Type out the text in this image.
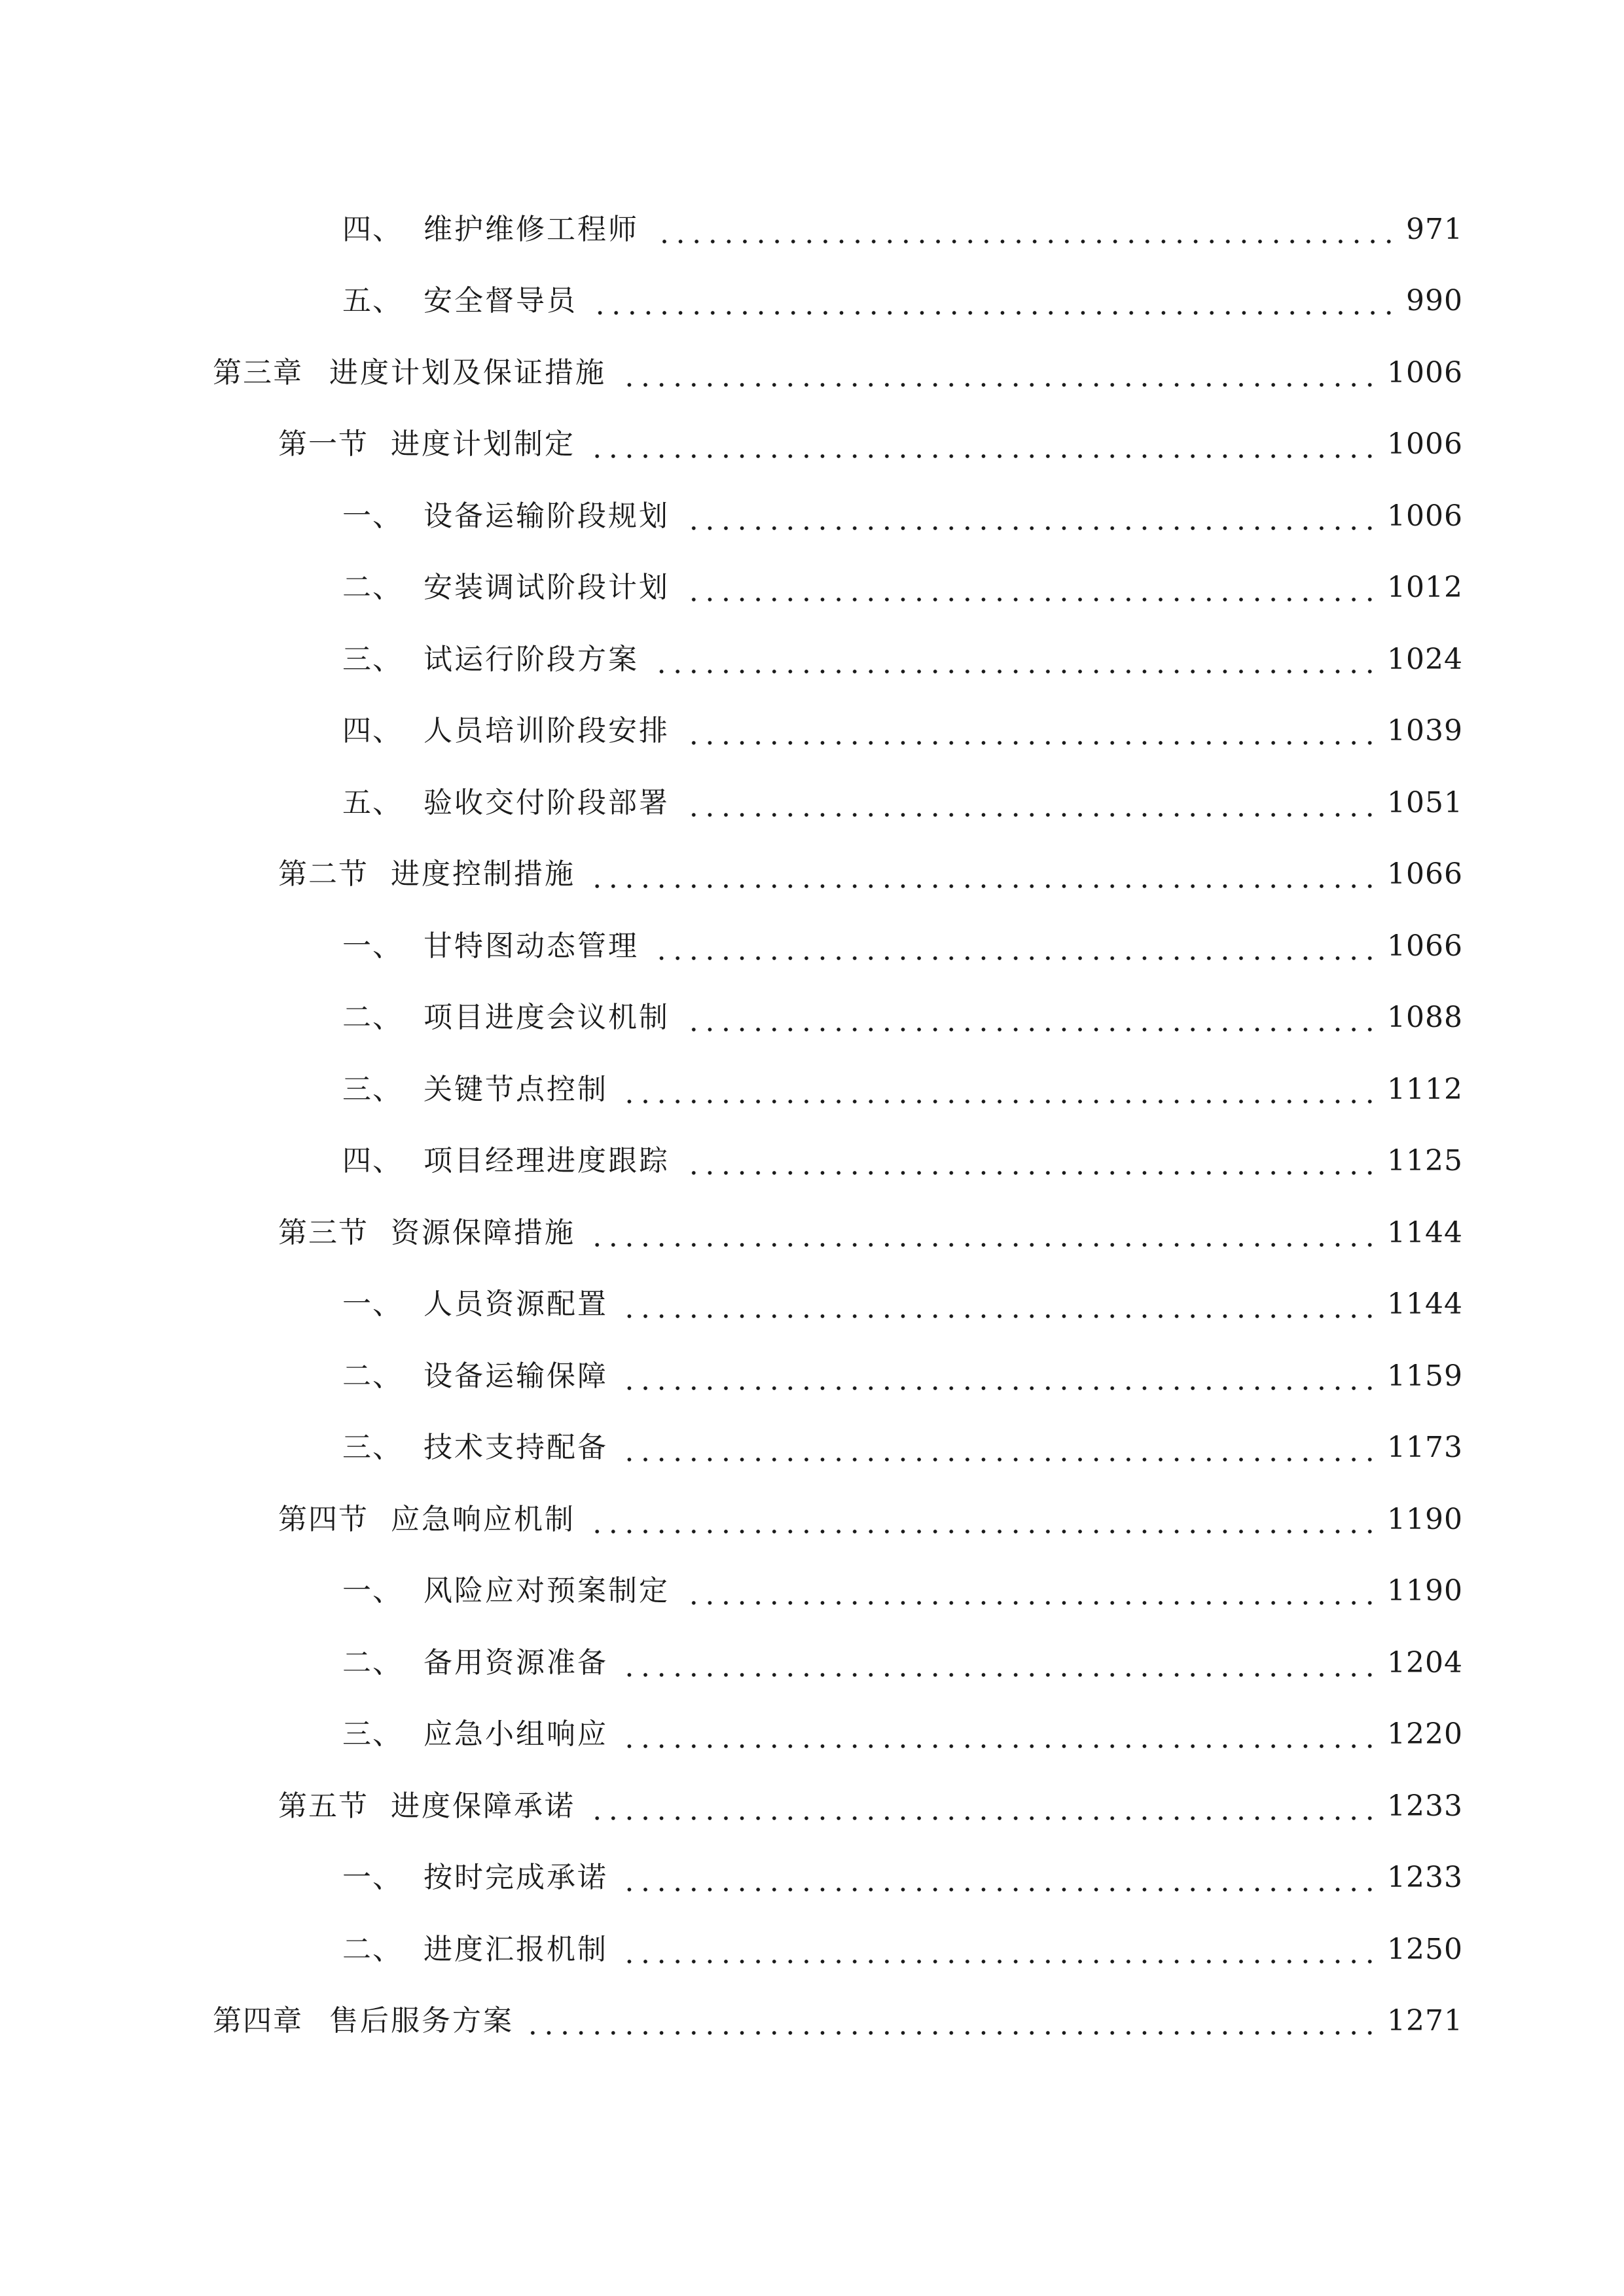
四、 维护维修工程师	971
五、 安全督导员	990
第三章 进度计划及保证措施	1006
第一节 进度计划制定	1006
一、 设备运输阶段规划	1006
二、 安装调试阶段计划	1012
三、 试运行阶段方案	1024
四、 人员培训阶段安排	1039
五、 验收交付阶段部署	1051
第二节 进度控制措施	1066
一、 甘特图动态管理	1066
二、 项目进度会议机制	1088
三、 关键节点控制	1112
四、 项目经理进度跟踪	1125
第三节 资源保障措施	1144
一、 人员资源配置	1144
二、 设备运输保障	1159
三、 技术支持配备	1173
第四节 应急响应机制	1190
一、 风险应对预案制定	1190
二、 备用资源准备	1204
三、 应急小组响应	1220
第五节 进度保障承诺	1233
一、 按时完成承诺	1233
二、 进度汇报机制	1250
第四章 售后服务方案	1271
